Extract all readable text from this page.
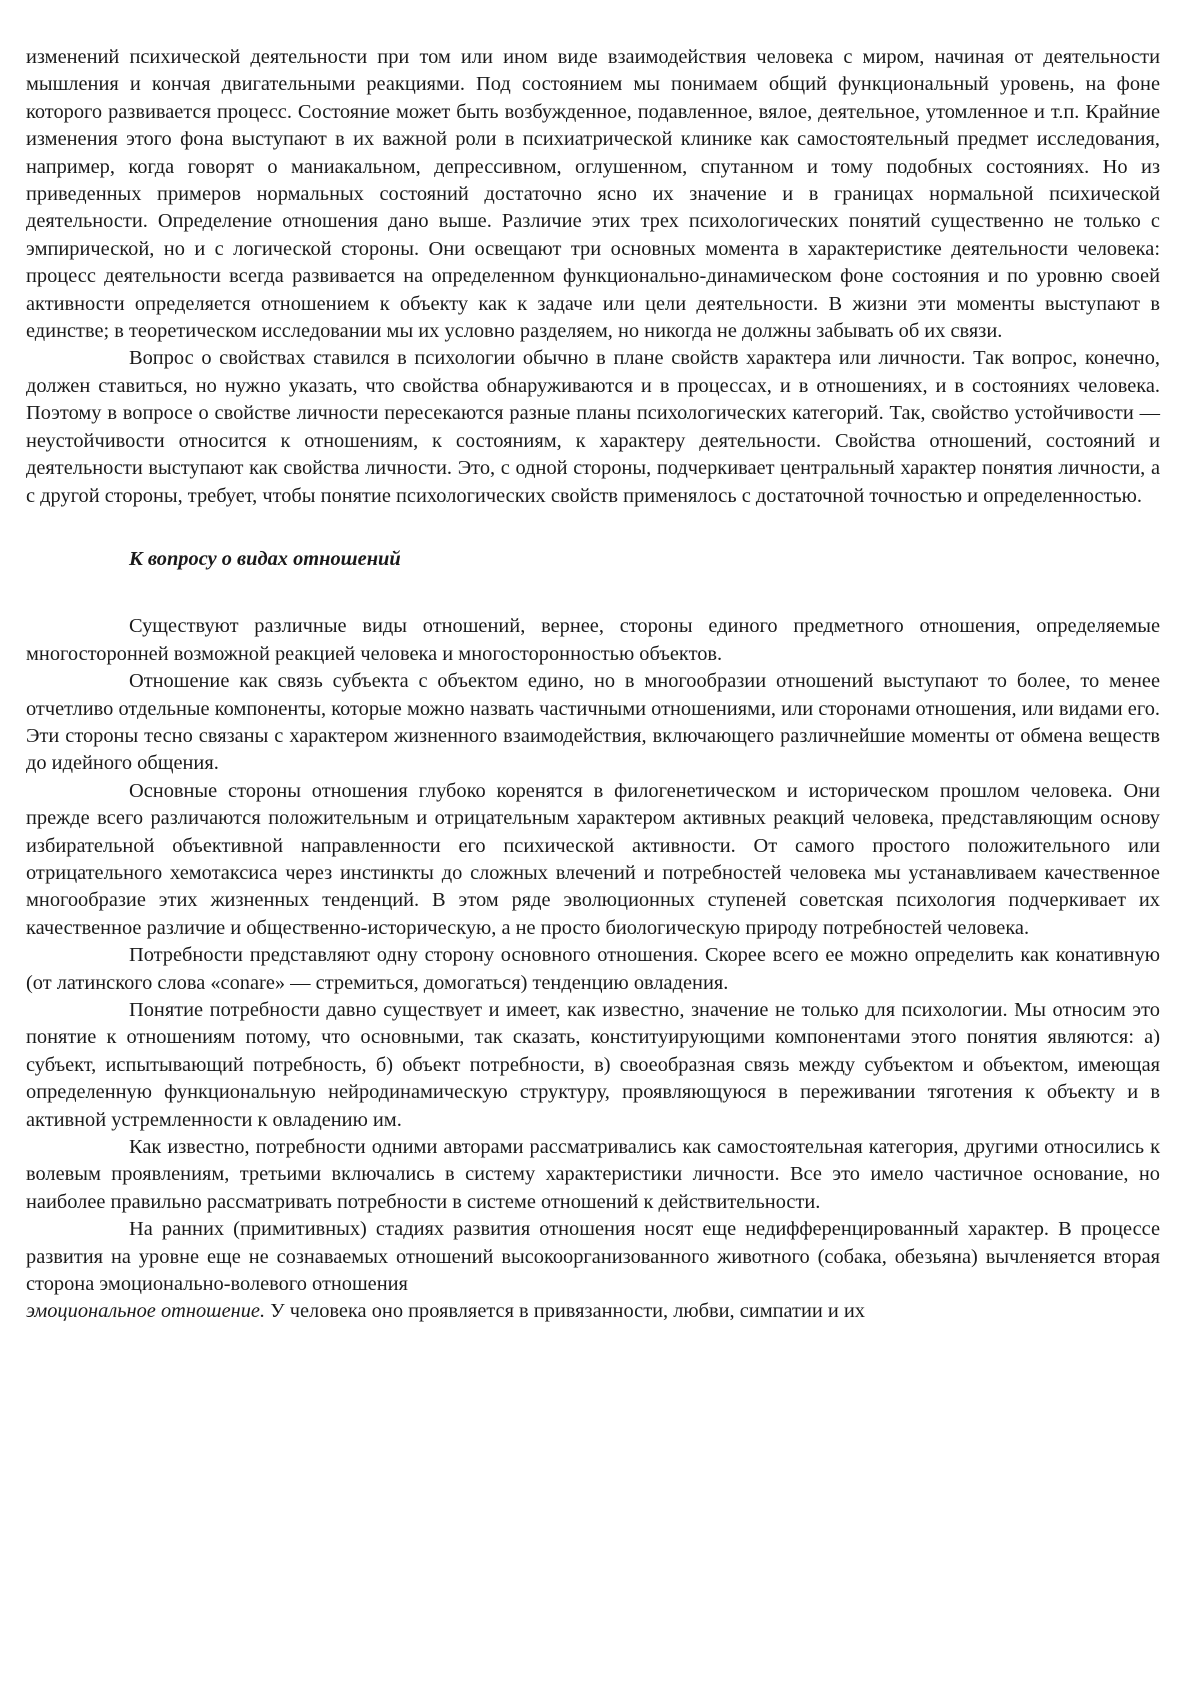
изменений психической деятельности при том или ином виде взаимодействия человека с миром, начиная от деятельности мышления и кончая двигательными реакциями. Под состоянием мы понимаем общий функциональный уровень, на фоне которого развивается процесс. Состояние может быть возбужденное, подавленное, вялое, деятельное, утомленное и т.п. Крайние изменения этого фона выступают в их важной роли в психиатрической клинике как самостоятельный предмет исследования, например, когда говорят о маниакальном, депрессивном, оглушенном, спутанном и тому подобных состояниях. Но из приведенных примеров нормальных состояний достаточно ясно их значение и в границах нормальной психической деятельности. Определение отношения дано выше. Различие этих трех психологических понятий существенно не только с эмпирической, но и с логической стороны. Они освещают три основных момента в характеристике деятельности человека: процесс деятельности всегда развивается на определенном функционально-динамическом фоне состояния и по уровню своей активности определяется отношением к объекту как к задаче или цели деятельности. В жизни эти моменты выступают в единстве; в теоретическом исследовании мы их условно разделяем, но никогда не должны забывать об их связи.

Вопрос о свойствах ставился в психологии обычно в плане свойств характера или личности. Так вопрос, конечно, должен ставиться, но нужно указать, что свойства обнаруживаются и в процессах, и в отношениях, и в состояниях человека. Поэтому в вопросе о свойстве личности пересекаются разные планы психологических категорий. Так, свойство устойчивости — неустойчивости относится к отношениям, к состояниям, к характеру деятельности. Свойства отношений, состояний и деятельности выступают как свойства личности. Это, с одной стороны, подчеркивает центральный характер понятия личности, а с другой стороны, требует, чтобы понятие психологических свойств применялось с достаточной точностью и определенностью.

К вопросу о видах отношений

Существуют различные виды отношений, вернее, стороны единого предметного отношения, определяемые многосторонней возможной реакцией человека и многосторонностью объектов.

Отношение как связь субъекта с объектом едино, но в многообразии отношений выступают то более, то менее отчетливо отдельные компоненты, которые можно назвать частичными отношениями, или сторонами отношения, или видами его. Эти стороны тесно связаны с характером жизненного взаимодействия, включающего различнейшие моменты от обмена веществ до идейного общения.

Основные стороны отношения глубоко коренятся в филогенетическом и историческом прошлом человека. Они прежде всего различаются положительным и отрицательным характером активных реакций человека, представляющим основу избирательной объективной направленности его психической активности. От самого простого положительного или отрицательного хемотаксиса через инстинкты до сложных влечений и потребностей человека мы устанавливаем качественное многообразие этих жизненных тенденций. В этом ряде эволюционных ступеней советская психология подчеркивает их качественное различие и общественно-историческую, а не просто биологическую природу потребностей человека.

Потребности представляют одну сторону основного отношения. Скорее всего ее можно определить как конативную (от латинского слова «conare» — стремиться, домогаться) тенденцию овладения.

Понятие потребности давно существует и имеет, как известно, значение не только для психологии. Мы относим это понятие к отношениям потому, что основными, так сказать, конституирующими компонентами этого понятия являются: а) субъект, испытывающий потребность, б) объект потребности, в) своеобразная связь между субъектом и объектом, имеющая определенную функциональную нейродинамическую структуру, проявляющуюся в переживании тяготения к объекту и в активной устремленности к овладению им.

Как известно, потребности одними авторами рассматривались как самостоятельная категория, другими относились к волевым проявлениям, третьими включались в систему характеристики личности. Все это имело частичное основание, но наиболее правильно рассматривать потребности в системе отношений к действительности.

На ранних (примитивных) стадиях развития отношения носят еще недифференцированный характер. В процессе развития на уровне еще не сознаваемых отношений высокоорганизованного животного (собака, обезьяна) вычленяется вторая сторона эмоционально-волевого отношения
эмоциональное отношение. У человека оно проявляется в привязанности, любви, симпатии и их
